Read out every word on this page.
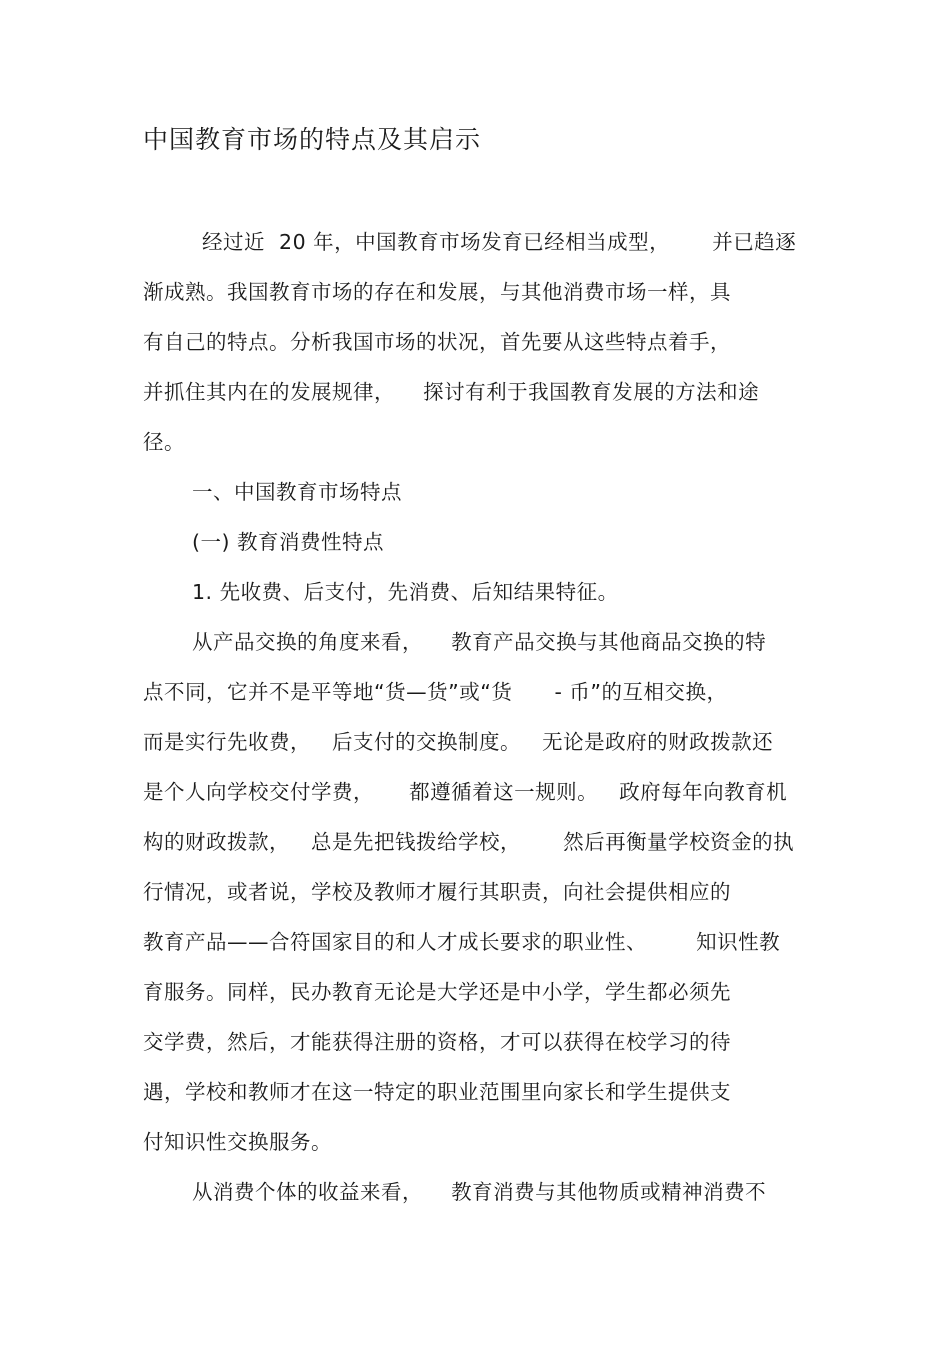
中国教育市场的特点及其启示
经过近  20 年，中国教育市场发育已经相当成型，      并已趋逐
渐成熟。我国教育市场的存在和发展，与其他消费市场一样，具
有自己的特点。分析我国市场的状况，首先要从这些特点着手，
并抓住其内在的发展规律，    探讨有利于我国教育发展的方法和途
径。
一、中国教育市场特点
(一) 教育消费性特点
1. 先收费、后支付，先消费、后知结果特征。
从产品交换的角度来看，    教育产品交换与其他商品交换的特
点不同，它并不是平等地“货—货”或“货      - 币”的互相交换，
而是实行先收费，   后支付的交换制度。   无论是政府的财政拨款还
是个人向学校交付学费，     都遵循着这一规则。   政府每年向教育机
构的财政拨款，   总是先把钱拨给学校，      然后再衡量学校资金的执
行情况，或者说，学校及教师才履行其职责，向社会提供相应的
教育产品——合符国家目的和人才成长要求的职业性、       知识性教
育服务。同样，民办教育无论是大学还是中小学，学生都必须先
交学费，然后，才能获得注册的资格，才可以获得在校学习的待
遇，学校和教师才在这一特定的职业范围里向家长和学生提供支
付知识性交换服务。
从消费个体的收益来看，    教育消费与其他物质或精神消费不
